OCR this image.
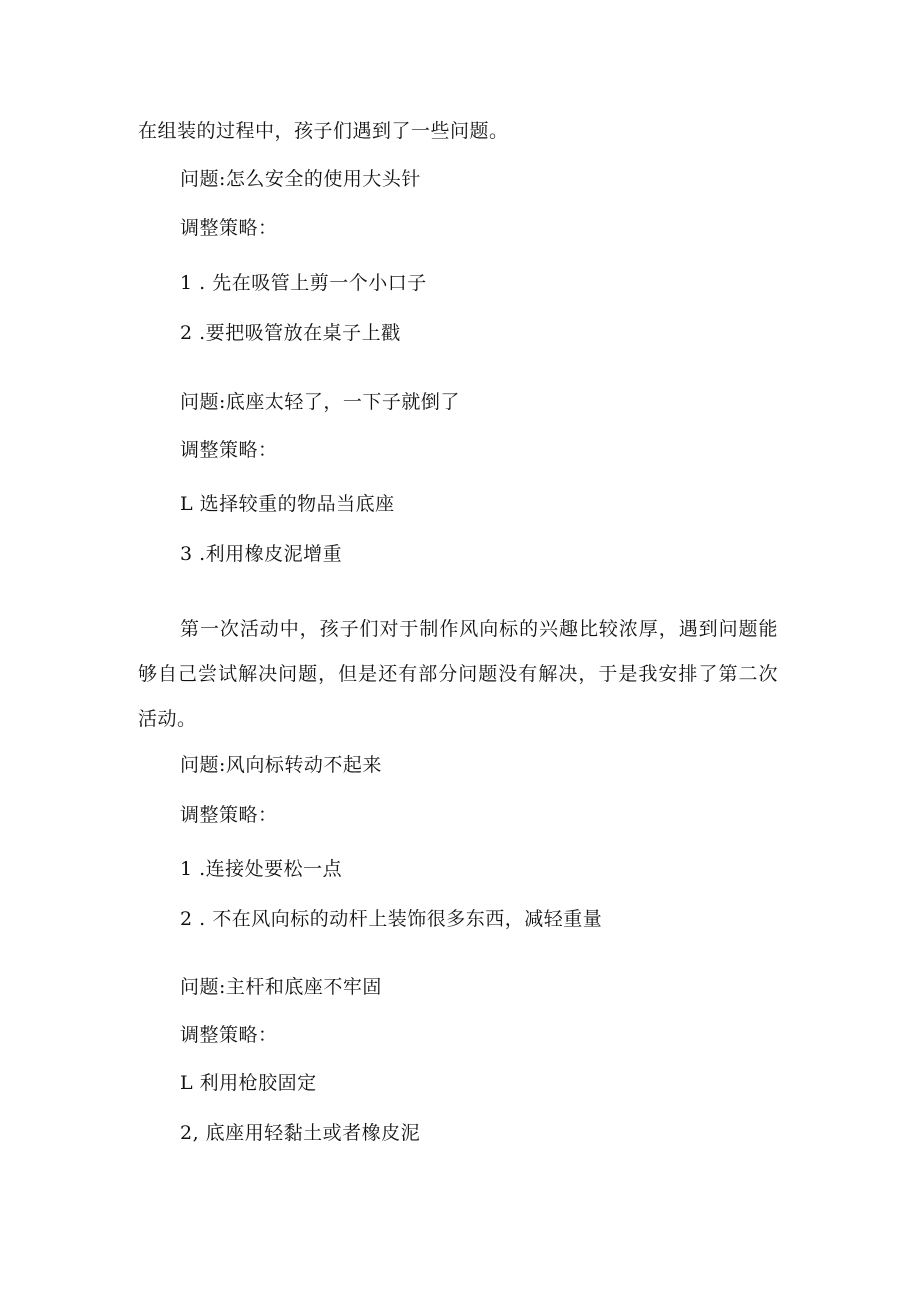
在组装的过程中，孩子们遇到了一些问题。
问题:怎么安全的使用大头针
调整策略：
1 . 先在吸管上剪一个小口子
2 .要把吸管放在桌子上戳
问题:底座太轻了，一下子就倒了
调整策略：
L 选择较重的物品当底座
3 .利用橡皮泥增重
第一次活动中，孩子们对于制作风向标的兴趣比较浓厚，遇到问题能够自己尝试解决问题，但是还有部分问题没有解决，于是我安排了第二次活动。
问题:风向标转动不起来
调整策略：
1 .连接处要松一点
2 . 不在风向标的动杆上装饰很多东西，减轻重量
问题:主杆和底座不牢固
调整策略：
L 利用枪胶固定
2, 底座用轻黏土或者橡皮泥
